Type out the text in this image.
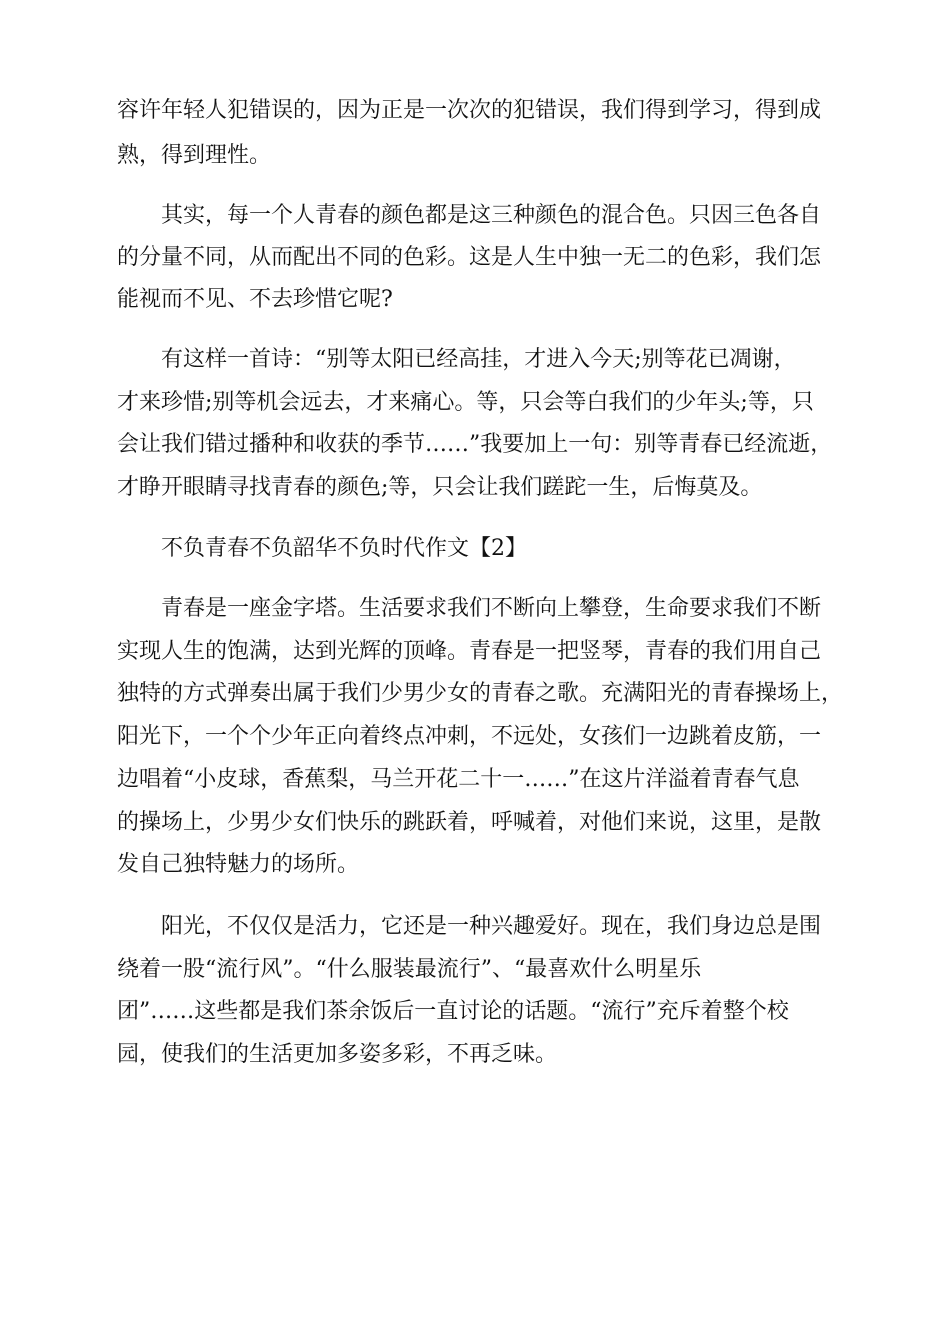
容许年轻人犯错误的，因为正是一次次的犯错误，我们得到学习，得到成
熟，得到理性。
其实，每一个人青春的颜色都是这三种颜色的混合色。只因三色各自
的分量不同，从而配出不同的色彩。这是人生中独一无二的色彩，我们怎
能视而不见、不去珍惜它呢?
有这样一首诗：“别等太阳已经高挂，才进入今天;别等花已凋谢，
才来珍惜;别等机会远去，才来痛心。等，只会等白我们的少年头;等，只
会让我们错过播种和收获的季节……”我要加上一句：别等青春已经流逝，
才睁开眼睛寻找青春的颜色;等，只会让我们蹉跎一生，后悔莫及。
不负青春不负韶华不负时代作文【2】
青春是一座金字塔。生活要求我们不断向上攀登，生命要求我们不断
实现人生的饱满，达到光辉的顶峰。青春是一把竖琴，青春的我们用自己
独特的方式弹奏出属于我们少男少女的青春之歌。充满阳光的青春操场上，
阳光下，一个个少年正向着终点冲刺，不远处，女孩们一边跳着皮筋，一
边唱着“小皮球，香蕉梨，马兰开花二十一……”在这片洋溢着青春气息
的操场上，少男少女们快乐的跳跃着，呼喊着，对他们来说，这里，是散
发自己独特魅力的场所。
阳光，不仅仅是活力，它还是一种兴趣爱好。现在，我们身边总是围
绕着一股“流行风”。“什么服装最流行”、“最喜欢什么明星乐
团”……这些都是我们茶余饭后一直讨论的话题。“流行”充斥着整个校
园，使我们的生活更加多姿多彩，不再乏味。
